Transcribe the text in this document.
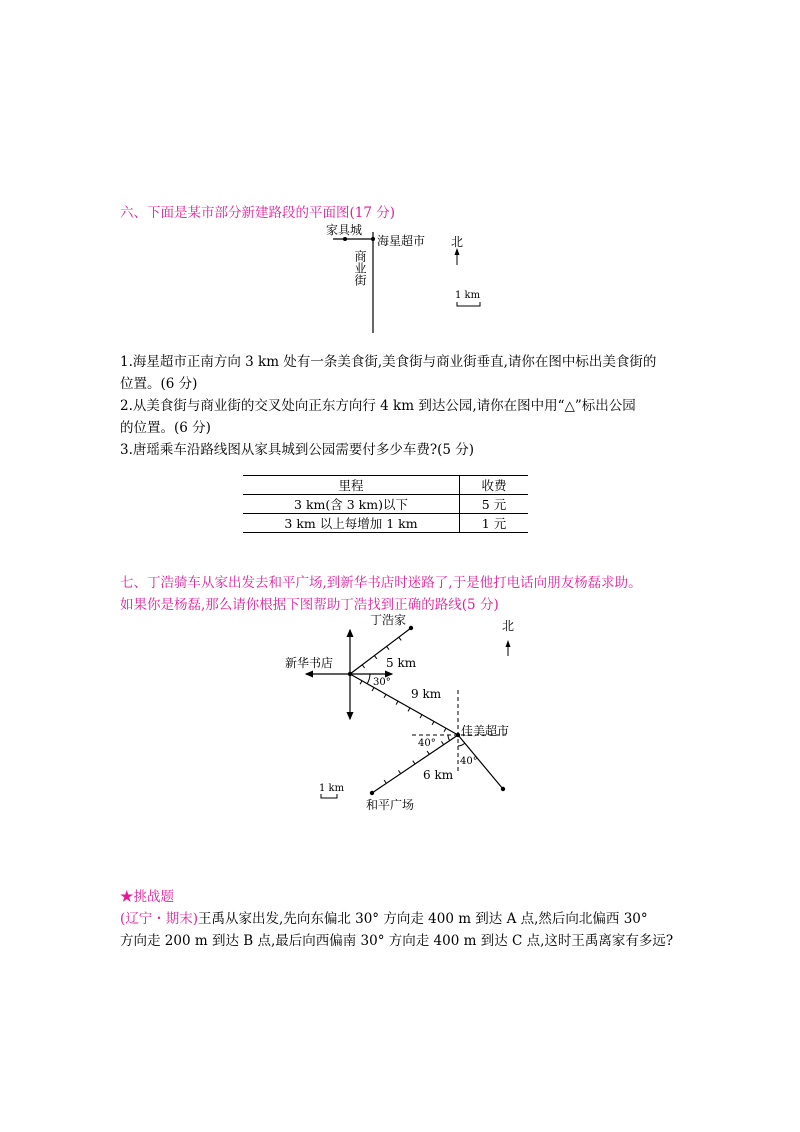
六、下面是某市部分新建路段的平面图(17 分)
家具城
海星超市
商业街
北
1 km
1.海星超市正南方向 3 km 处有一条美食街,美食街与商业街垂直,请你在图中标出美食街的
位置。(6 分)
2.从美食街与商业街的交叉处向正东方向行 4 km 到达公园,请你在图中用“△”标出公园
的位置。(6 分)
3.唐瑶乘车沿路线图从家具城到公园需要付多少车费?(5 分)
里程	收费
3 km(含 3 km)以下	5 元
3 km 以上每增加 1 km	1 元
七、丁浩骑车从家出发去和平广场,到新华书店时迷路了,于是他打电话向朋友杨磊求助。
如果你是杨磊,那么请你根据下图帮助丁浩找到正确的路线(5 分)
丁浩家
新华书店	5 km
30°
9 km
佳美超市
40°
40°
6 km
和平广场
北
1 km
★挑战题
(辽宁・期末)王禹从家出发,先向东偏北 30° 方向走 400 m 到达 A 点,然后向北偏西 30°
方向走 200 m 到达 B 点,最后向西偏南 30° 方向走 400 m 到达 C 点,这时王禹离家有多远?
